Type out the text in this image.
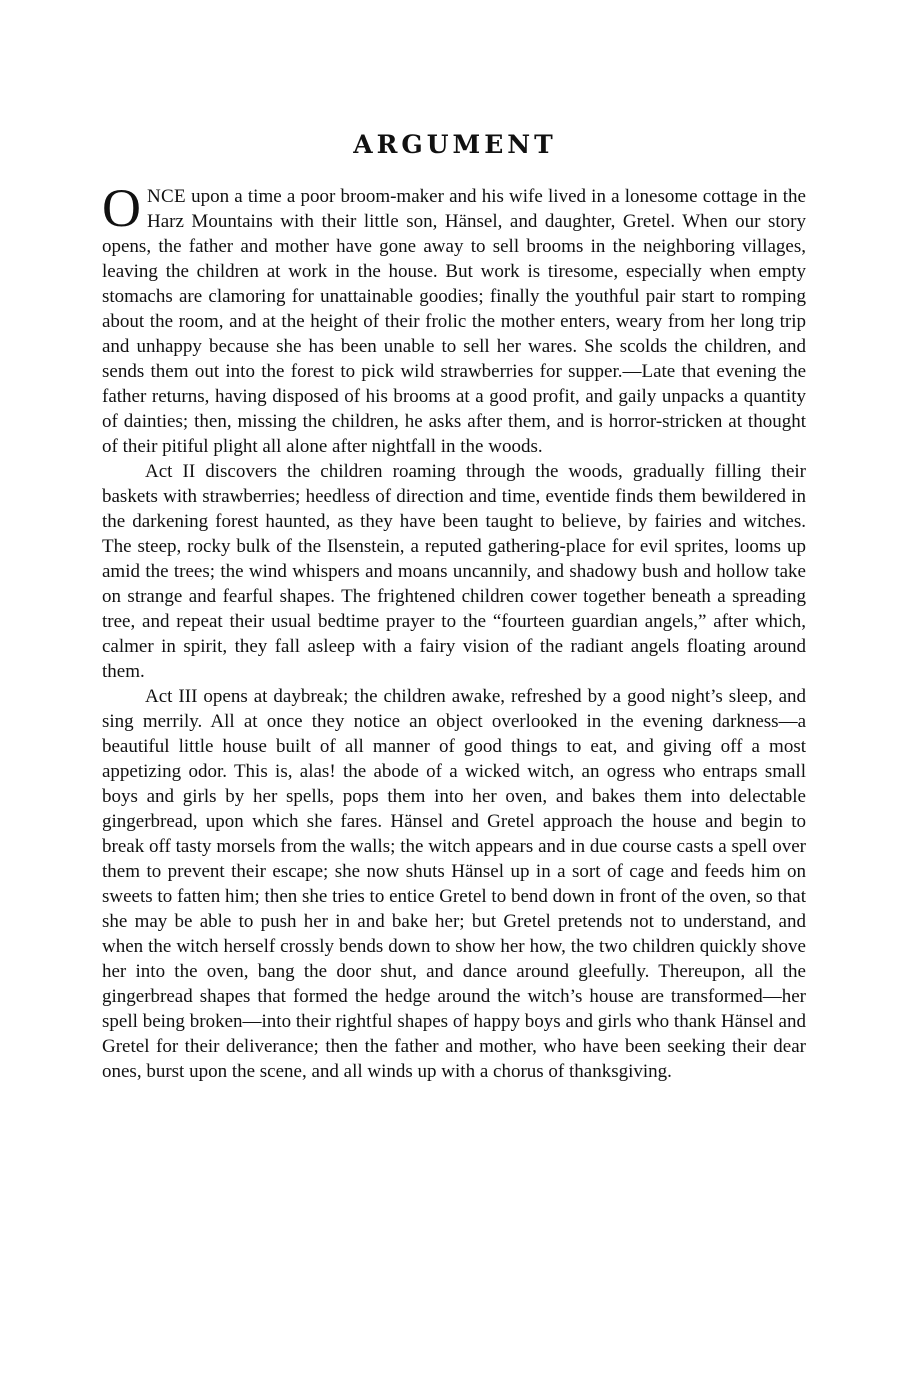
ARGUMENT

ONCE upon a time a poor broom-maker and his wife lived in a lonesome cottage in the Harz Mountains with their little son, Hänsel, and daughter, Gretel. When our story opens, the father and mother have gone away to sell brooms in the neighboring villages, leaving the children at work in the house. But work is tiresome, especially when empty stomachs are clamoring for unattainable goodies; finally the youthful pair start to romping about the room, and at the height of their frolic the mother enters, weary from her long trip and unhappy because she has been unable to sell her wares. She scolds the children, and sends them out into the forest to pick wild strawberries for supper.—Late that evening the father returns, having disposed of his brooms at a good profit, and gaily unpacks a quantity of dainties; then, missing the children, he asks after them, and is horror-stricken at thought of their pitiful plight all alone after nightfall in the woods.

Act II discovers the children roaming through the woods, gradually filling their baskets with strawberries; heedless of direction and time, eventide finds them bewildered in the darkening forest haunted, as they have been taught to believe, by fairies and witches. The steep, rocky bulk of the Ilsenstein, a reputed gathering-place for evil sprites, looms up amid the trees; the wind whispers and moans uncannily, and shadowy bush and hollow take on strange and fearful shapes. The frightened children cower together beneath a spreading tree, and repeat their usual bedtime prayer to the “fourteen guardian angels,” after which, calmer in spirit, they fall asleep with a fairy vision of the radiant angels floating around them.

Act III opens at daybreak; the children awake, refreshed by a good night’s sleep, and sing merrily. All at once they notice an object overlooked in the evening darkness—a beautiful little house built of all manner of good things to eat, and giving off a most appetizing odor. This is, alas! the abode of a wicked witch, an ogress who entraps small boys and girls by her spells, pops them into her oven, and bakes them into delectable gingerbread, upon which she fares. Hänsel and Gretel approach the house and begin to break off tasty morsels from the walls; the witch appears and in due course casts a spell over them to prevent their escape; she now shuts Hänsel up in a sort of cage and feeds him on sweets to fatten him; then she tries to entice Gretel to bend down in front of the oven, so that she may be able to push her in and bake her; but Gretel pretends not to understand, and when the witch herself crossly bends down to show her how, the two children quickly shove her into the oven, bang the door shut, and dance around gleefully. Thereupon, all the gingerbread shapes that formed the hedge around the witch’s house are transformed—her spell being broken—into their rightful shapes of happy boys and girls who thank Hänsel and Gretel for their deliverance; then the father and mother, who have been seeking their dear ones, burst upon the scene, and all winds up with a chorus of thanksgiving.
